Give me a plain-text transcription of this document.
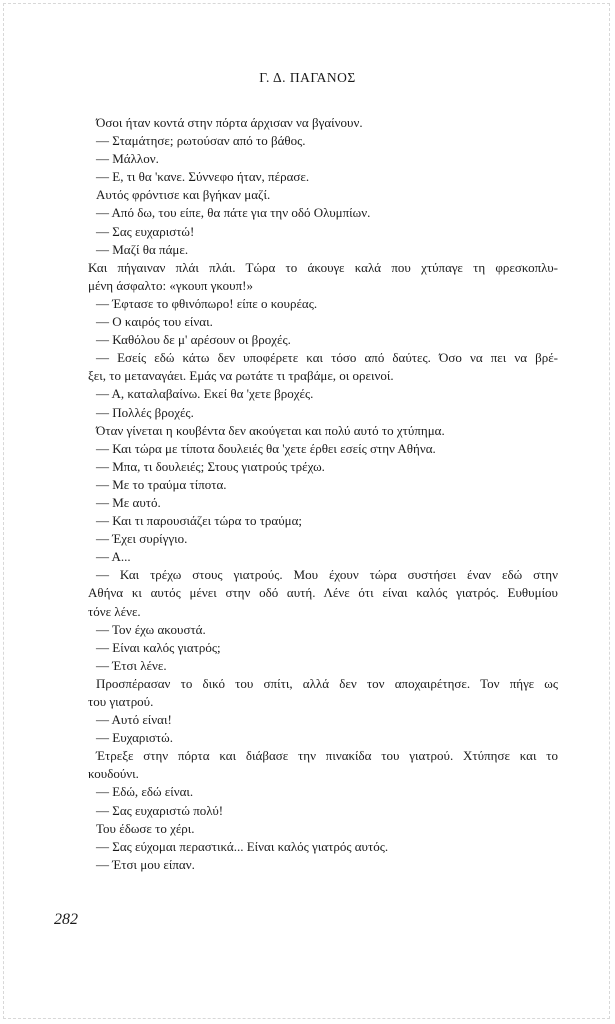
Γ. Δ. ΠΑΓΑΝΟΣ
Όσοι ήταν κοντά στην πόρτα άρχισαν να βγαίνουν.
— Σταμάτησε; ρωτούσαν από το βάθος.
— Μάλλον.
— Ε, τι θα 'κανε. Σύννεφο ήταν, πέρασε.
Αυτός φρόντισε και βγήκαν μαζί.
— Από δω, του είπε, θα πάτε για την οδό Ολυμπίων.
— Σας ευχαριστώ!
— Μαζί θα πάμε.
Και πήγαιναν πλάι πλάι. Τώρα το άκουγε καλά που χτύπαγε τη φρεσκοπλυ-
μένη άσφαλτο: «γκουπ γκουπ!»
— Έφτασε το φθινόπωρο! είπε ο κουρέας.
— Ο καιρός του είναι.
— Καθόλου δε μ' αρέσουν οι βροχές.
— Εσείς εδώ κάτω δεν υποφέρετε και τόσο από δαύτες. Όσο να πει να βρέ-
ξει, το μεταναγάει. Εμάς να ρωτάτε τι τραβάμε, οι ορεινοί.
— Α, καταλαβαίνω. Εκεί θα 'χετε βροχές.
— Πολλές βροχές.
Όταν γίνεται η κουβέντα δεν ακούγεται και πολύ αυτό το χτύπημα.
— Και τώρα με τίποτα δουλειές θα 'χετε έρθει εσείς στην Αθήνα.
— Μπα, τι δουλειές; Στους γιατρούς τρέχω.
— Με το τραύμα τίποτα.
— Με αυτό.
— Και τι παρουσιάζει τώρα το τραύμα;
— Έχει συρίγγιο.
— Α...
— Και τρέχω στους γιατρούς. Μου έχουν τώρα συστήσει έναν εδώ στην
Αθήνα κι αυτός μένει στην οδό αυτή. Λένε ότι είναι καλός γιατρός. Ευθυμίου
τόνε λένε.
— Τον έχω ακουστά.
— Είναι καλός γιατρός;
— Έτσι λένε.
Προσπέρασαν το δικό του σπίτι, αλλά δεν τον αποχαιρέτησε. Τον πήγε ως
του γιατρού.
— Αυτό είναι!
— Ευχαριστώ.
Έτρεξε στην πόρτα και διάβασε την πινακίδα του γιατρού. Χτύπησε και το
κουδούνι.
— Εδώ, εδώ είναι.
— Σας ευχαριστώ πολύ!
Του έδωσε το χέρι.
— Σας εύχομαι περαστικά... Είναι καλός γιατρός αυτός.
— Έτσι μου είπαν.
282
